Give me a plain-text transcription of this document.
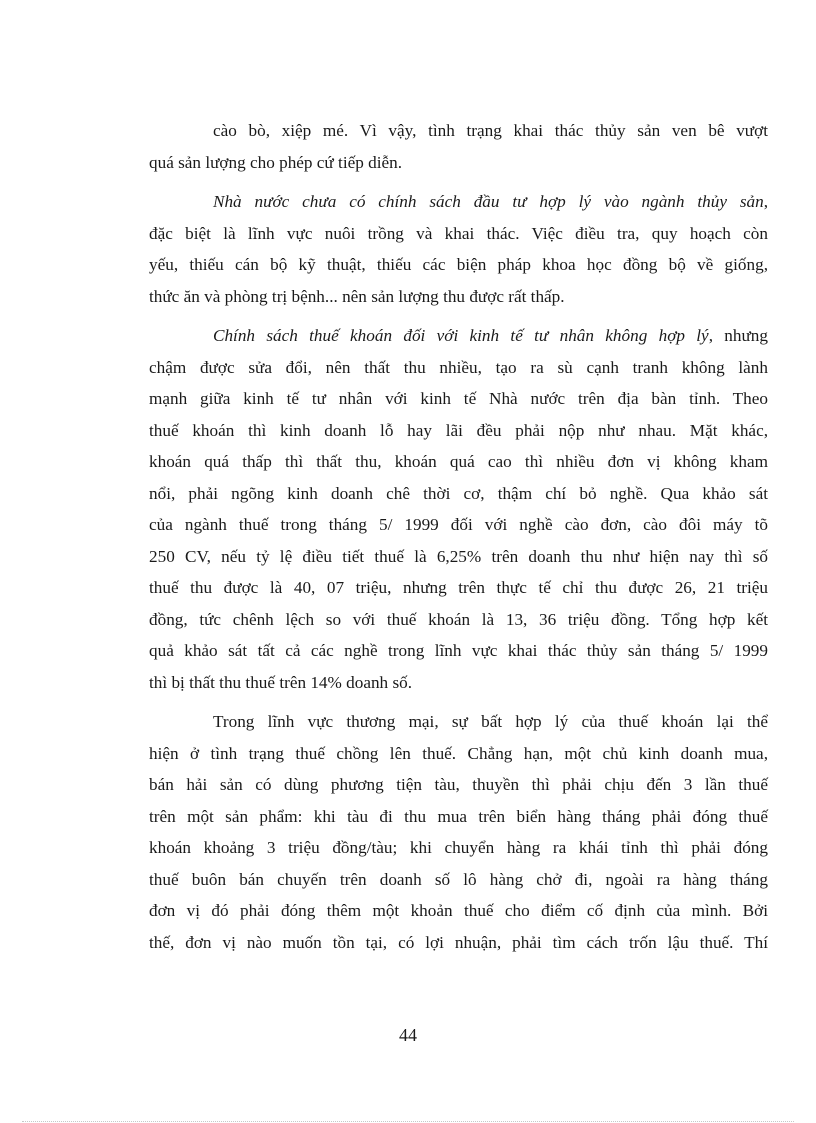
cào bò, xiệp mé. Vì vậy, tình trạng khai thác thủy sản ven bê vượt
quá sản lượng cho phép cứ tiếp diễn.
Nhà nước chưa có chính sách đầu tư hợp lý vào ngành thủy sản,
đặc biệt là lĩnh vực nuôi trồng và khai thác. Việc điều tra, quy hoạch còn
yếu, thiếu cán bộ kỹ thuật, thiếu các biện pháp khoa học đồng bộ về giống,
thức ăn và phòng trị bệnh... nên sản lượng thu được rất thấp.
Chính sách thuế khoán đối với kinh tế tư nhân không hợp lý, nhưng
chậm được sửa đổi, nên thất thu nhiều, tạo ra sù cạnh tranh không lành
mạnh giữa kinh tế tư nhân với kinh tế Nhà nước trên địa bàn tỉnh. Theo
thuế khoán thì kinh doanh lỗ hay lãi đều phải nộp như nhau. Mặt khác,
khoán quá thấp thì thất thu, khoán quá cao thì nhiều đơn vị không kham
nổi, phải ngõng kinh doanh chê thời cơ, thậm chí bỏ nghề. Qua khảo sát
của ngành thuế trong tháng 5/ 1999 đối với nghề cào đơn, cào đôi máy tõ
250 CV, nếu tỷ lệ điều tiết thuế là 6,25% trên doanh thu như hiện nay thì số
thuế thu được là 40, 07 triệu, nhưng trên thực tế chỉ thu được 26, 21 triệu
đồng, tức chênh lệch so với thuế khoán là 13, 36 triệu đồng. Tổng hợp kết
quả khảo sát tất cả các nghề trong lĩnh vực khai thác thủy sản tháng 5/ 1999
thì bị thất thu thuế trên 14% doanh số.
Trong lĩnh vực thương mại, sự bất hợp lý của thuế khoán lại thể
hiện ở tình trạng thuế chồng lên thuế. Chẳng hạn, một chủ kinh doanh mua,
bán hải sản có dùng phương tiện tàu, thuyền thì phải chịu đến 3 lần thuế
trên một sản phẩm: khi tàu đi thu mua trên biển hàng tháng phải đóng thuế
khoán khoảng 3 triệu đồng/tàu; khi chuyển hàng ra khái tỉnh thì phải đóng
thuế buôn bán chuyến trên doanh số lô hàng chở đi, ngoài ra hàng tháng
đơn vị đó phải đóng thêm một khoản thuế cho điểm cố định của mình. Bởi
thế, đơn vị nào muốn tồn tại, có lợi nhuận, phải tìm cách trốn lậu thuế. Thí
44
